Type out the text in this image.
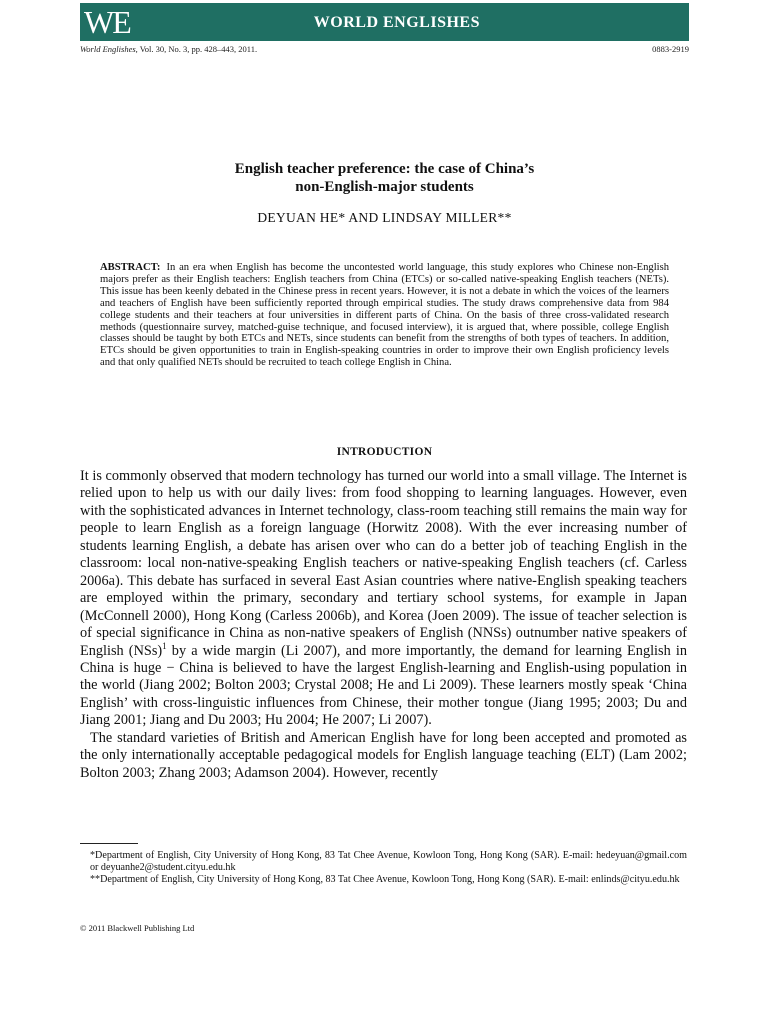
WE	WORLD ENGLISHES
World Englishes, Vol. 30, No. 3, pp. 428–443, 2011.	0883-2919
English teacher preference: the case of China’s
non-English-major students
DEYUAN HE* AND LINDSAY MILLER**
ABSTRACT: In an era when English has become the uncontested world language, this study explores who Chinese non-English majors prefer as their English teachers: English teachers from China (ETCs) or so-called native-speaking English teachers (NETs). This issue has been keenly debated in the Chinese press in recent years. However, it is not a debate in which the voices of the learners and teachers of English have been sufficiently reported through empirical studies. The study draws comprehensive data from 984 college students and their teachers at four universities in different parts of China. On the basis of three cross-validated research methods (questionnaire survey, matched-guise technique, and focused interview), it is argued that, where possible, college English classes should be taught by both ETCs and NETs, since students can benefit from the strengths of both types of teachers. In addition, ETCs should be given opportunities to train in English-speaking countries in order to improve their own English proficiency levels and that only qualified NETs should be recruited to teach college English in China.
INTRODUCTION

It is commonly observed that modern technology has turned our world into a small village. The Internet is relied upon to help us with our daily lives: from food shopping to learning languages. However, even with the sophisticated advances in Internet technology, class-room teaching still remains the main way for people to learn English as a foreign language (Horwitz 2008). With the ever increasing number of students learning English, a debate has arisen over who can do a better job of teaching English in the classroom: local non-native-speaking English teachers or native-speaking English teachers (cf. Carless 2006a). This debate has surfaced in several East Asian countries where native-English speaking teachers are employed within the primary, secondary and tertiary school systems, for example in Japan (McConnell 2000), Hong Kong (Carless 2006b), and Korea (Joen 2009). The issue of teacher selection is of special significance in China as non-native speakers of English (NNSs) outnumber native speakers of English (NSs)$^1$ by a wide margin (Li 2007), and more importantly, the demand for learning English in China is huge − China is believed to have the largest English-learning and English-using population in the world (Jiang 2002; Bolton 2003; Crystal 2008; He and Li 2009). These learners mostly speak ‘China English’ with cross-linguistic influences from Chinese, their mother tongue (Jiang 1995; 2003; Du and Jiang 2001; Jiang and Du 2003; Hu 2004; He 2007; Li 2007).

The standard varieties of British and American English have for long been accepted and promoted as the only internationally acceptable pedagogical models for English language teaching (ELT) (Lam 2002; Bolton 2003; Zhang 2003; Adamson 2004). However, recently

*Department of English, City University of Hong Kong, 83 Tat Chee Avenue, Kowloon Tong, Hong Kong (SAR). E-mail: hedeyuan@gmail.com or deyuanhe2@student.cityu.edu.hk

**Department of English, City University of Hong Kong, 83 Tat Chee Avenue, Kowloon Tong, Hong Kong (SAR). E-mail: enlinds@cityu.edu.hk

© 2011 Blackwell Publishing Ltd
